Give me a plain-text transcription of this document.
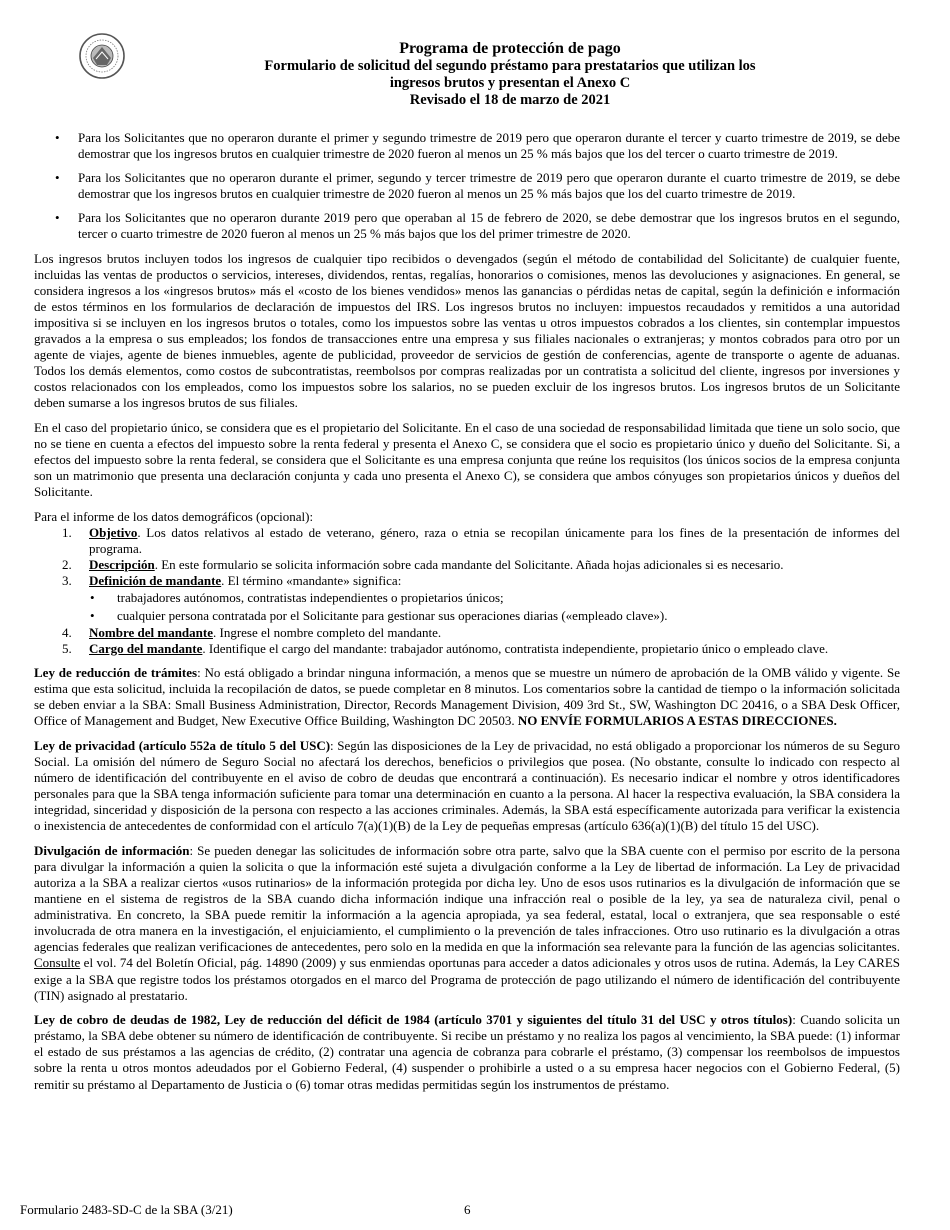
Programa de protección de pago
Formulario de solicitud del segundo préstamo para prestatarios que utilizan los
ingresos brutos y presentan el Anexo C
Revisado el 18 de marzo de 2021
• Para los Solicitantes que no operaron durante el primer y segundo trimestre de 2019 pero que operaron durante el tercer y cuarto trimestre de 2019, se debe demostrar que los ingresos brutos en cualquier trimestre de 2020 fueron al menos un 25 % más bajos que los del tercer o cuarto trimestre de 2019.
• Para los Solicitantes que no operaron durante el primer, segundo y tercer trimestre de 2019 pero que operaron durante el cuarto trimestre de 2019, se debe demostrar que los ingresos brutos en cualquier trimestre de 2020 fueron al menos un 25 % más bajos que los del cuarto trimestre de 2019.
• Para los Solicitantes que no operaron durante 2019 pero que operaban al 15 de febrero de 2020, se debe demostrar que los ingresos brutos en el segundo, tercer o cuarto trimestre de 2020 fueron al menos un 25 % más bajos que los del primer trimestre de 2020.

Los ingresos brutos incluyen todos los ingresos de cualquier tipo recibidos o devengados (según el método de contabilidad del Solicitante) de cualquier fuente, incluidas las ventas de productos o servicios, intereses, dividendos, rentas, regalías, honorarios o comisiones, menos las devoluciones y asignaciones. En general, se considera ingresos a los «ingresos brutos» más el «costo de los bienes vendidos» menos las ganancias o pérdidas netas de capital, según la definición e información de estos términos en los formularios de declaración de impuestos del IRS. Los ingresos brutos no incluyen: impuestos recaudados y remitidos a una autoridad impositiva si se incluyen en los ingresos brutos o totales, como los impuestos sobre las ventas u otros impuestos cobrados a los clientes, sin contemplar impuestos gravados a la empresa o sus empleados; los fondos de transacciones entre una empresa y sus filiales nacionales o extranjeras; y montos cobrados para otro por un agente de viajes, agente de bienes inmuebles, agente de publicidad, proveedor de servicios de gestión de conferencias, agente de transporte o agente de aduanas. Todos los demás elementos, como costos de subcontratistas, reembolsos por compras realizadas por un contratista a solicitud del cliente, ingresos por inversiones y costos relacionados con los empleados, como los impuestos sobre los salarios, no se pueden excluir de los ingresos brutos. Los ingresos brutos de un Solicitante deben sumarse a los ingresos brutos de sus filiales.

En el caso del propietario único, se considera que es el propietario del Solicitante. En el caso de una sociedad de responsabilidad limitada que tiene un solo socio, que no se tiene en cuenta a efectos del impuesto sobre la renta federal y presenta el Anexo C, se considera que el socio es propietario único y dueño del Solicitante. Si, a efectos del impuesto sobre la renta federal, se considera que el Solicitante es una empresa conjunta que reúne los requisitos (los únicos socios de la empresa conjunta son un matrimonio que presenta una declaración conjunta y cada uno presenta el Anexo C), se considera que ambos cónyuges son propietarios únicos y dueños del Solicitante.

Para el informe de los datos demográficos (opcional):
1. Objetivo. Los datos relativos al estado de veterano, género, raza o etnia se recopilan únicamente para los fines de la presentación de informes del programa.
2. Descripción. En este formulario se solicita información sobre cada mandante del Solicitante. Añada hojas adicionales si es necesario.
3. Definición de mandante. El término «mandante» significa:
• trabajadores autónomos, contratistas independientes o propietarios únicos;
• cualquier persona contratada por el Solicitante para gestionar sus operaciones diarias («empleado clave»).
4. Nombre del mandante. Ingrese el nombre completo del mandante.
5. Cargo del mandante. Identifique el cargo del mandante: trabajador autónomo, contratista independiente, propietario único o empleado clave.

Ley de reducción de trámites: No está obligado a brindar ninguna información, a menos que se muestre un número de aprobación de la OMB válido y vigente. Se estima que esta solicitud, incluida la recopilación de datos, se puede completar en 8 minutos. Los comentarios sobre la cantidad de tiempo o la información solicitada se deben enviar a la SBA: Small Business Administration, Director, Records Management Division, 409 3rd St., SW, Washington DC 20416, o a SBA Desk Officer, Office of Management and Budget, New Executive Office Building, Washington DC 20503. NO ENVÍE FORMULARIOS A ESTAS DIRECCIONES.

Ley de privacidad (artículo 552a de título 5 del USC): Según las disposiciones de la Ley de privacidad, no está obligado a proporcionar los números de su Seguro Social. La omisión del número de Seguro Social no afectará los derechos, beneficios o privilegios que posea. (No obstante, consulte lo indicado con respecto al número de identificación del contribuyente en el aviso de cobro de deudas que encontrará a continuación). Es necesario indicar el nombre y otros identificadores personales para que la SBA tenga información suficiente para tomar una determinación en cuanto a la persona. Al hacer la respectiva evaluación, la SBA considera la integridad, sinceridad y disposición de la persona con respecto a las acciones criminales. Además, la SBA está específicamente autorizada para verificar la existencia o inexistencia de antecedentes de conformidad con el artículo 7(a)(1)(B) de la Ley de pequeñas empresas (artículo 636(a)(1)(B) del título 15 del USC).

Divulgación de información: Se pueden denegar las solicitudes de información sobre otra parte, salvo que la SBA cuente con el permiso por escrito de la persona para divulgar la información a quien la solicita o que la información esté sujeta a divulgación conforme a la Ley de libertad de información. La Ley de privacidad autoriza a la SBA a realizar ciertos «usos rutinarios» de la información protegida por dicha ley. Uno de esos usos rutinarios es la divulgación de información que se mantiene en el sistema de registros de la SBA cuando dicha información indique una infracción real o posible de la ley, ya sea de naturaleza civil, penal o administrativa. En concreto, la SBA puede remitir la información a la agencia apropiada, ya sea federal, estatal, local o extranjera, que sea responsable o esté involucrada de otra manera en la investigación, el enjuiciamiento, el cumplimiento o la prevención de tales infracciones. Otro uso rutinario es la divulgación a otras agencias federales que realizan verificaciones de antecedentes, pero solo en la medida en que la información sea relevante para la función de las agencias solicitantes. Consulte el vol. 74 del Boletín Oficial, pág. 14890 (2009) y sus enmiendas oportunas para acceder a datos adicionales y otros usos de rutina. Además, la Ley CARES exige a la SBA que registre todos los préstamos otorgados en el marco del Programa de protección de pago utilizando el número de identificación del contribuyente (TIN) asignado al prestatario.

Ley de cobro de deudas de 1982, Ley de reducción del déficit de 1984 (artículo 3701 y siguientes del título 31 del USC y otros títulos): Cuando solicita un préstamo, la SBA debe obtener su número de identificación de contribuyente. Si recibe un préstamo y no realiza los pagos al vencimiento, la SBA puede: (1) informar el estado de sus préstamos a las agencias de crédito, (2) contratar una agencia de cobranza para cobrarle el préstamo, (3) compensar los reembolsos de impuestos sobre la renta u otros montos adeudados por el Gobierno Federal, (4) suspender o prohibirle a usted o a su empresa hacer negocios con el Gobierno Federal, (5) remitir su préstamo al Departamento de Justicia o (6) tomar otras medidas permitidas según los instrumentos de préstamo.

Formulario 2483-SD-C de la SBA (3/21)	6
